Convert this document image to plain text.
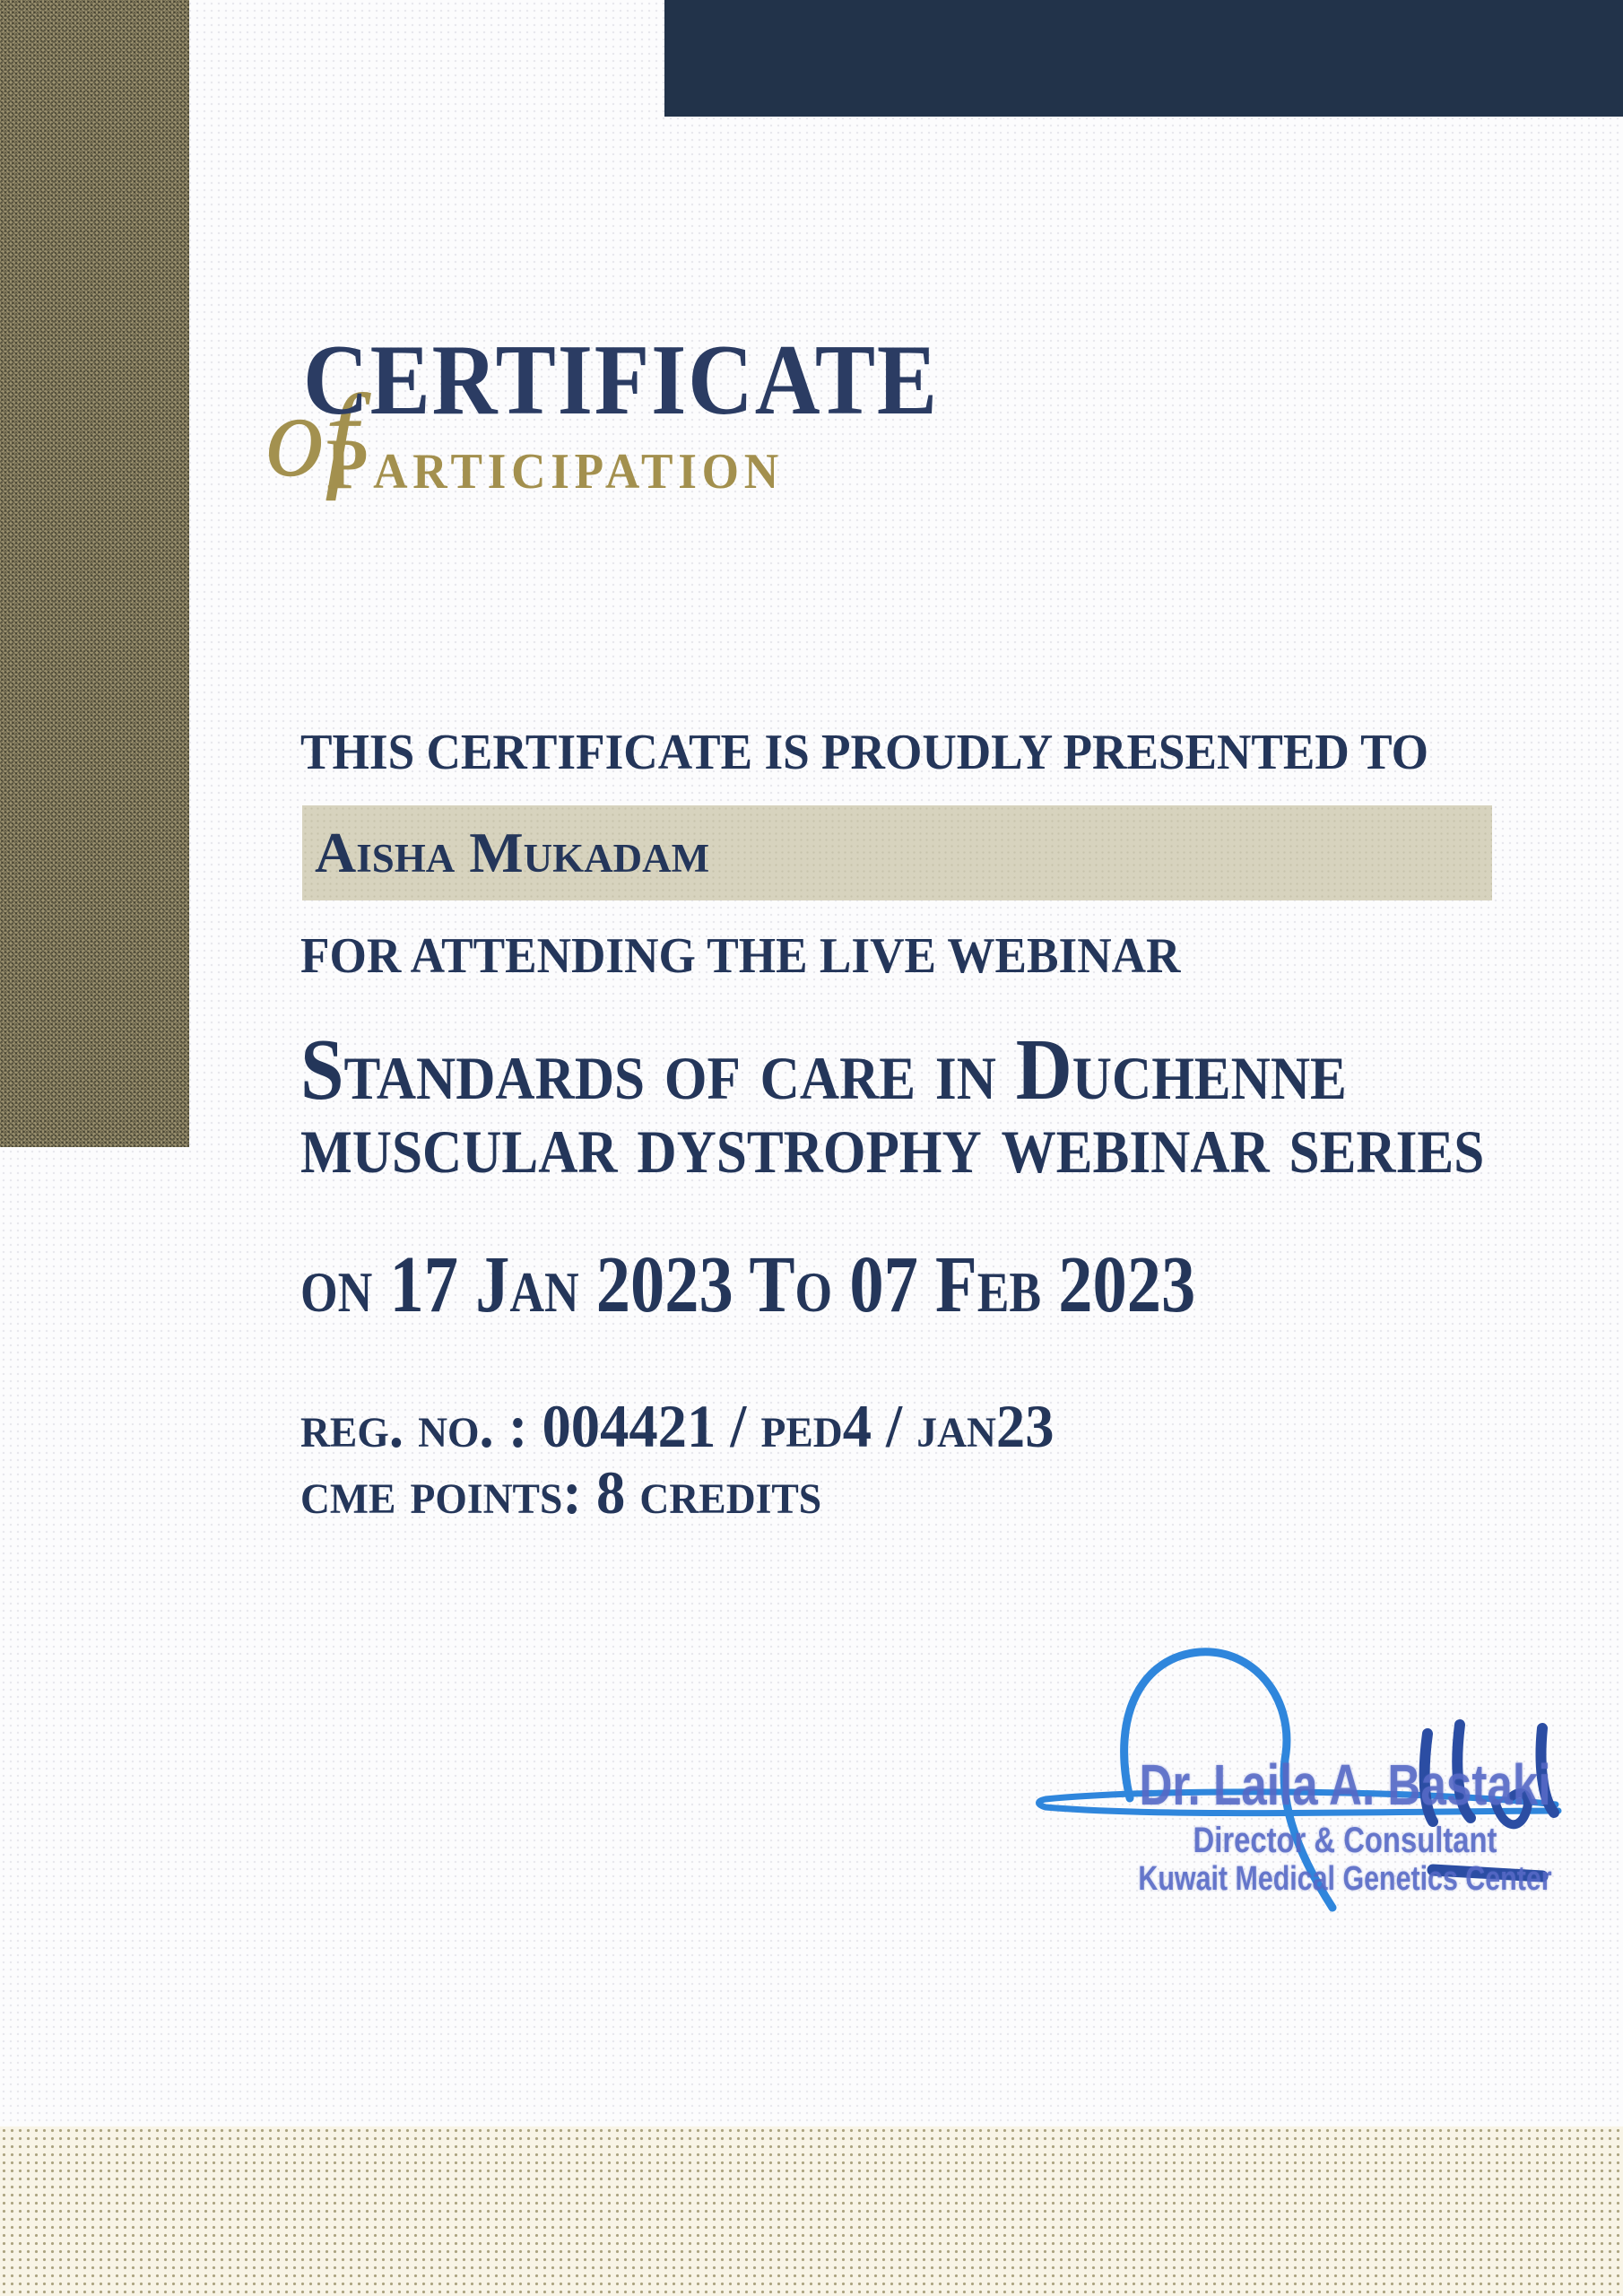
of
CERTIFICATE
Participation

THIS CERTIFICATE IS PROUDLY PRESENTED TO

Aisha Mukadam

FOR ATTENDING THE LIVE WEBINAR

Standards of care in Duchenne

muscular dystrophy webinar series

on 17 Jan 2023 To 07 Feb 2023

reg. no. : 004421 / ped4 / jan23

cme points: 8 credits

Dr. Laila A. Bastaki

Director & Consultant

Kuwait Medical Genetics Center
